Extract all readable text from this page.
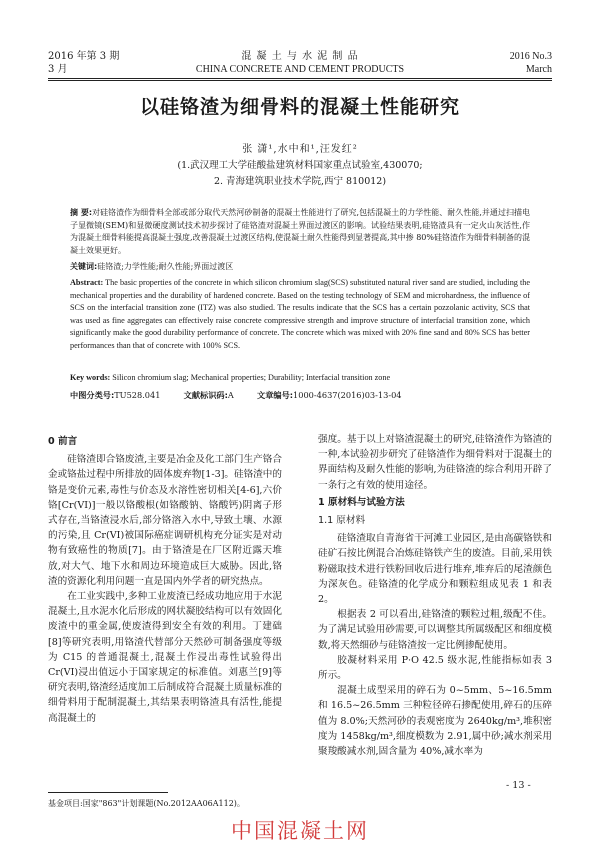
2016 年第 3 期
3 月
混 凝 土 与 水 泥 制 品
CHINA CONCRETE AND CEMENT PRODUCTS
2016 No.3
March
以硅铬渣为细骨料的混凝土性能研究
张 潇¹,水中和¹,汪发红²
(1.武汉理工大学硅酸盐建筑材料国家重点试验室,430070;
2. 青海建筑职业技术学院,西宁 810012)
摘 要:对硅铬渣作为细骨料全部或部分取代天然河砂制备的混凝土性能进行了研究,包括混凝土的力学性能、耐久性能,并通过扫描电子显微镜(SEM)和显微硬度测试技术初步探讨了硅铬渣对混凝土界面过渡区的影响。试验结果表明,硅铬渣具有一定火山灰活性,作为混凝土细骨料能提高混凝土强度,改善混凝土过渡区结构,使混凝土耐久性能得到显著提高,其中掺 80%硅铬渣作为细骨料制备的混凝土效果更好。
关键词:硅铬渣;力学性能;耐久性能;界面过渡区
Abstract: The basic properties of the concrete in which silicon chromium slag(SCS) substituted natural river sand are studied, including the mechanical properties and the durability of hardened concrete. Based on the testing technology of SEM and microhardness, the influence of SCS on the interfacial transition zone (ITZ) was also studied. The results indicate that the SCS has a certain pozzolanic activity, SCS that was used as fine aggregates can effectively raise concrete compressive strength and improve structure of interfacial transition zone, which significantly make the good durability performance of concrete. The concrete which was mixed with 20% fine sand and 80% SCS has better performances than that of concrete with 100% SCS.
Key words: Silicon chromium slag; Mechanical properties; Durability; Interfacial transition zone
中图分类号:TU528.041	文献标识码:A	文章编号:1000-4637(2016)03-13-04

0 前言

硅铬渣即合铬废渣,主要是冶金及化工部门生产铬合金或铬盐过程中所排放的固体废弃物[1-3]。硅铬渣中的铬是变价元素,毒性与价态及水溶性密切相关[4-6],六价铬[Cr(VI)]一般以铬酸根(如铬酸钠、铬酸钙)阴离子形式存在,当铬渣浸水后,部分铬溶入水中,导致土壤、水源的污染,且 Cr(VI)被国际癌症调研机构充分证实是对动物有致癌性的物质[7]。由于铬渣是在厂区附近露天堆放,对大气、地下水和周边环境造成巨大威胁。因此,铬渣的资源化利用问题一直是国内外学者的研究热点。

在工业实践中,多种工业废渣已经成功地应用于水泥混凝土,且水泥水化后形成的网状凝胶结构可以有效固化废渣中的重金属,使废渣得到安全有效的利用。丁建础[8]等研究表明,用铬渣代替部分天然砂可制备强度等级为 C15 的普通混凝土,混凝土作浸出毒性试验得出 Cr(VI)浸出值远小于国家规定的标准值。刘惠兰[9]等研究表明,铬渣经适度加工后制成符合混凝土质量标准的细骨料用于配制混凝土,其结果表明铬渣具有活性,能提高混凝土的

强度。基于以上对铬渣混凝土的研究,硅铬渣作为铬渣的一种,本试验初步研究了硅铬渣作为细骨料对于混凝土的界面结构及耐久性能的影响,为硅铬渣的综合利用开辟了一条行之有效的使用途径。

1 原材料与试验方法

1.1 原材料

硅铬渣取自青海省干河滩工业园区,是由高碳铬铁和硅矿石按比例混合冶炼硅铬铁产生的废渣。目前,采用铁粉磁取技术进行铁粉回收后进行堆弃,堆弃后的尾渣颜色为深灰色。硅铬渣的化学成分和颗粒组成见表 1 和表 2。

根据表 2 可以看出,硅铬渣的颗粒过粗,级配不佳。为了满足试验用砂需要,可以调整其所属级配区和细度模数,将天然细砂与硅铬渣按一定比例掺配使用。

胶凝材料采用 P·O 42.5 级水泥,性能指标如表 3 所示。

混凝土成型采用的碎石为 0~5mm、5~16.5mm 和 16.5~26.5mm 三种粒径碎石掺配使用,碎石的压碎值为 8.0%;天然河砂的表观密度为 2640kg/m³,堆积密度为 1458kg/m³,细度模数为 2.91,属中砂;减水剂采用聚羧酸减水剂,固含量为 40%,减水率为

基金项目:国家"863"计划课题(No.2012AA06A112)。
- 13 -
中国混凝土网
